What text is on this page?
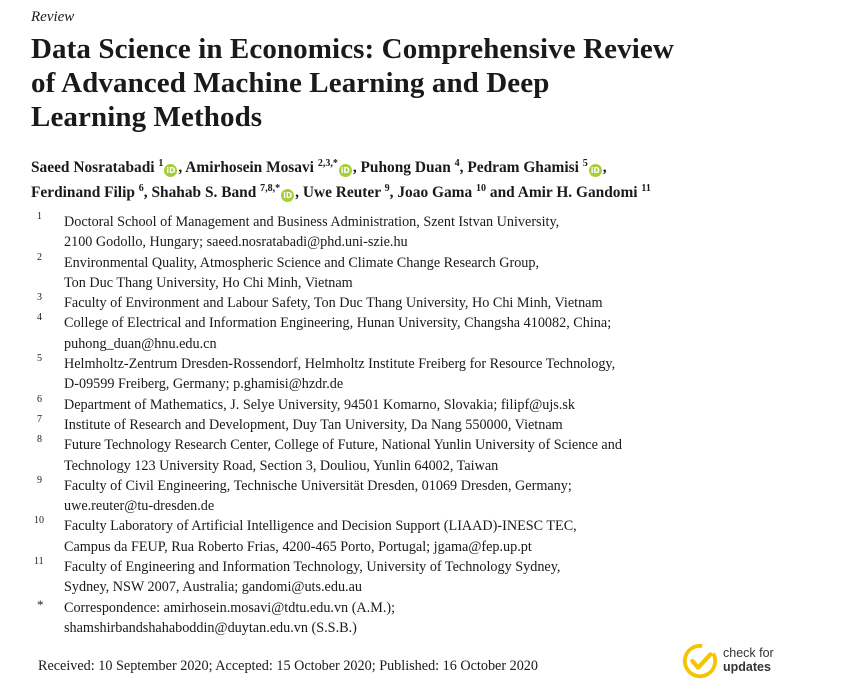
Review
Data Science in Economics: Comprehensive Review
of Advanced Machine Learning and Deep
Learning Methods
Saeed Nosratabadi $^1$iD , Amirhosein Mosavi $^{2,3,*}$iD , Puhong Duan $^4$, Pedram Ghamisi $^5$iD ,
Ferdinand Filip $^6$, Shahab S. Band $^{7,8,*}$iD , Uwe Reuter $^9$, Joao Gama $^{10}$ and Amir H. Gandomi $^{11}$
1 Doctoral School of Management and Business Administration, Szent Istvan University,
2100 Godollo, Hungary; saeed.nosratabadi@phd.uni-szie.hu
2 Environmental Quality, Atmospheric Science and Climate Change Research Group,
Ton Duc Thang University, Ho Chi Minh, Vietnam
3 Faculty of Environment and Labour Safety, Ton Duc Thang University, Ho Chi Minh, Vietnam
4 College of Electrical and Information Engineering, Hunan University, Changsha 410082, China;
puhong_duan@hnu.edu.cn
5 Helmholtz-Zentrum Dresden-Rossendorf, Helmholtz Institute Freiberg for Resource Technology,
D-09599 Freiberg, Germany; p.ghamisi@hzdr.de
6 Department of Mathematics, J. Selye University, 94501 Komarno, Slovakia; filipf@ujs.sk
7 Institute of Research and Development, Duy Tan University, Da Nang 550000, Vietnam
8 Future Technology Research Center, College of Future, National Yunlin University of Science and
Technology 123 University Road, Section 3, Douliou, Yunlin 64002, Taiwan
9 Faculty of Civil Engineering, Technische Universität Dresden, 01069 Dresden, Germany;
uwe.reuter@tu-dresden.de
10 Faculty Laboratory of Artificial Intelligence and Decision Support (LIAAD)-INESC TEC,
Campus da FEUP, Rua Roberto Frias, 4200-465 Porto, Portugal; jgama@fep.up.pt
11 Faculty of Engineering and Information Technology, University of Technology Sydney,
Sydney, NSW 2007, Australia; gandomi@uts.edu.au
* Correspondence: amirhosein.mosavi@tdtu.edu.vn (A.M.);
shamshirbandshahaboddin@duytan.edu.vn (S.S.B.)
Received: 10 September 2020; Accepted: 15 October 2020; Published: 16 October 2020
check for
updates
